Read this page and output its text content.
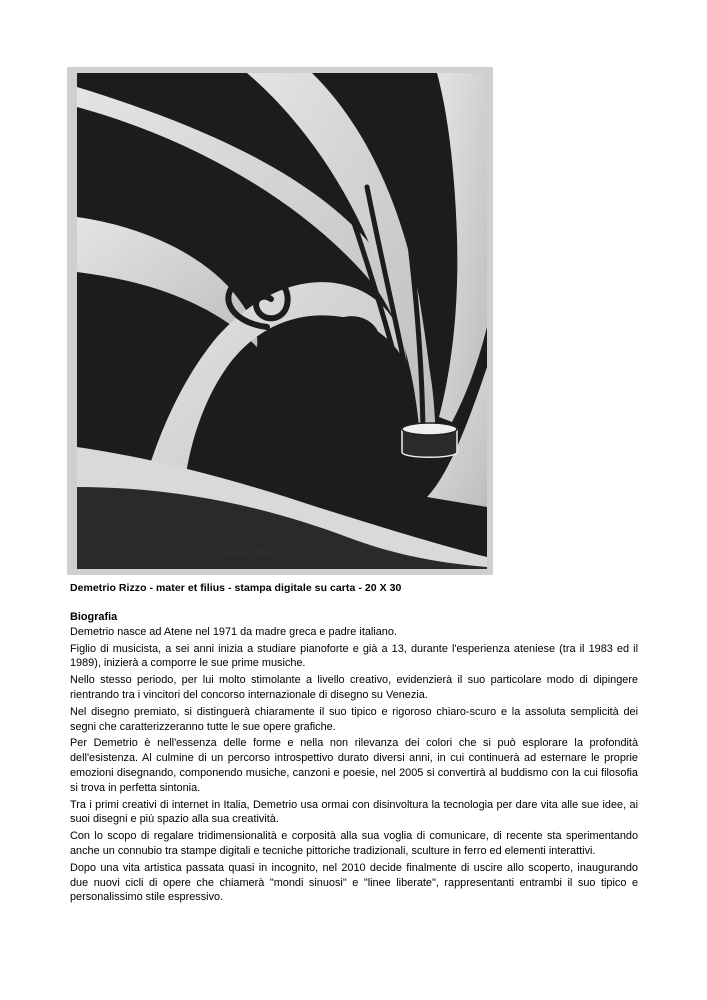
Demetrio Rizzo
Demetrio Rizzo - mater et filius - stampa digitale su carta - 20 X 30
Biografia

Demetrio nasce ad Atene nel 1971 da madre greca e padre italiano.

Figlio di musicista, a sei anni inizia a studiare pianoforte e già a 13, durante l'esperienza ateniese (tra il 1983 ed il 1989), inizierà a comporre le sue prime musiche.

Nello stesso periodo, per lui molto stimolante a livello creativo, evidenzierà il suo particolare modo di dipingere rientrando tra i vincitori del concorso internazionale di disegno su Venezia.

Nel disegno premiato, si distinguerà chiaramente il suo tipico e rigoroso chiaro-scuro e la assoluta semplicità dei segni che caratterizzeranno tutte le sue opere grafiche.

Per Demetrio è nell'essenza delle forme e nella non rilevanza dei colori che si può esplorare la profondità dell'esistenza. Al culmine di un percorso introspettivo durato diversi anni, in cui continuerà ad esternare le proprie emozioni disegnando, componendo musiche, canzoni e poesie, nel 2005 si convertirà al buddismo con la cui filosofia si trova in perfetta sintonia.

Tra i primi creativi di internet in Italia, Demetrio usa ormai con disinvoltura la tecnologia per dare vita alle sue idee, ai suoi disegni e più spazio alla sua creatività.

Con lo scopo di regalare tridimensionalità e corposità alla sua voglia di comunicare, di recente sta sperimentando anche un connubio tra stampe digitali e tecniche pittoriche tradizionali, sculture in ferro ed elementi interattivi.

Dopo una vita artistica passata quasi in incognito, nel 2010 decide finalmente di uscire allo scoperto, inaugurando due nuovi cicli di opere che chiamerà "mondi sinuosi" e "linee liberate", rappresentanti entrambi il suo tipico e personalissimo stile espressivo.
